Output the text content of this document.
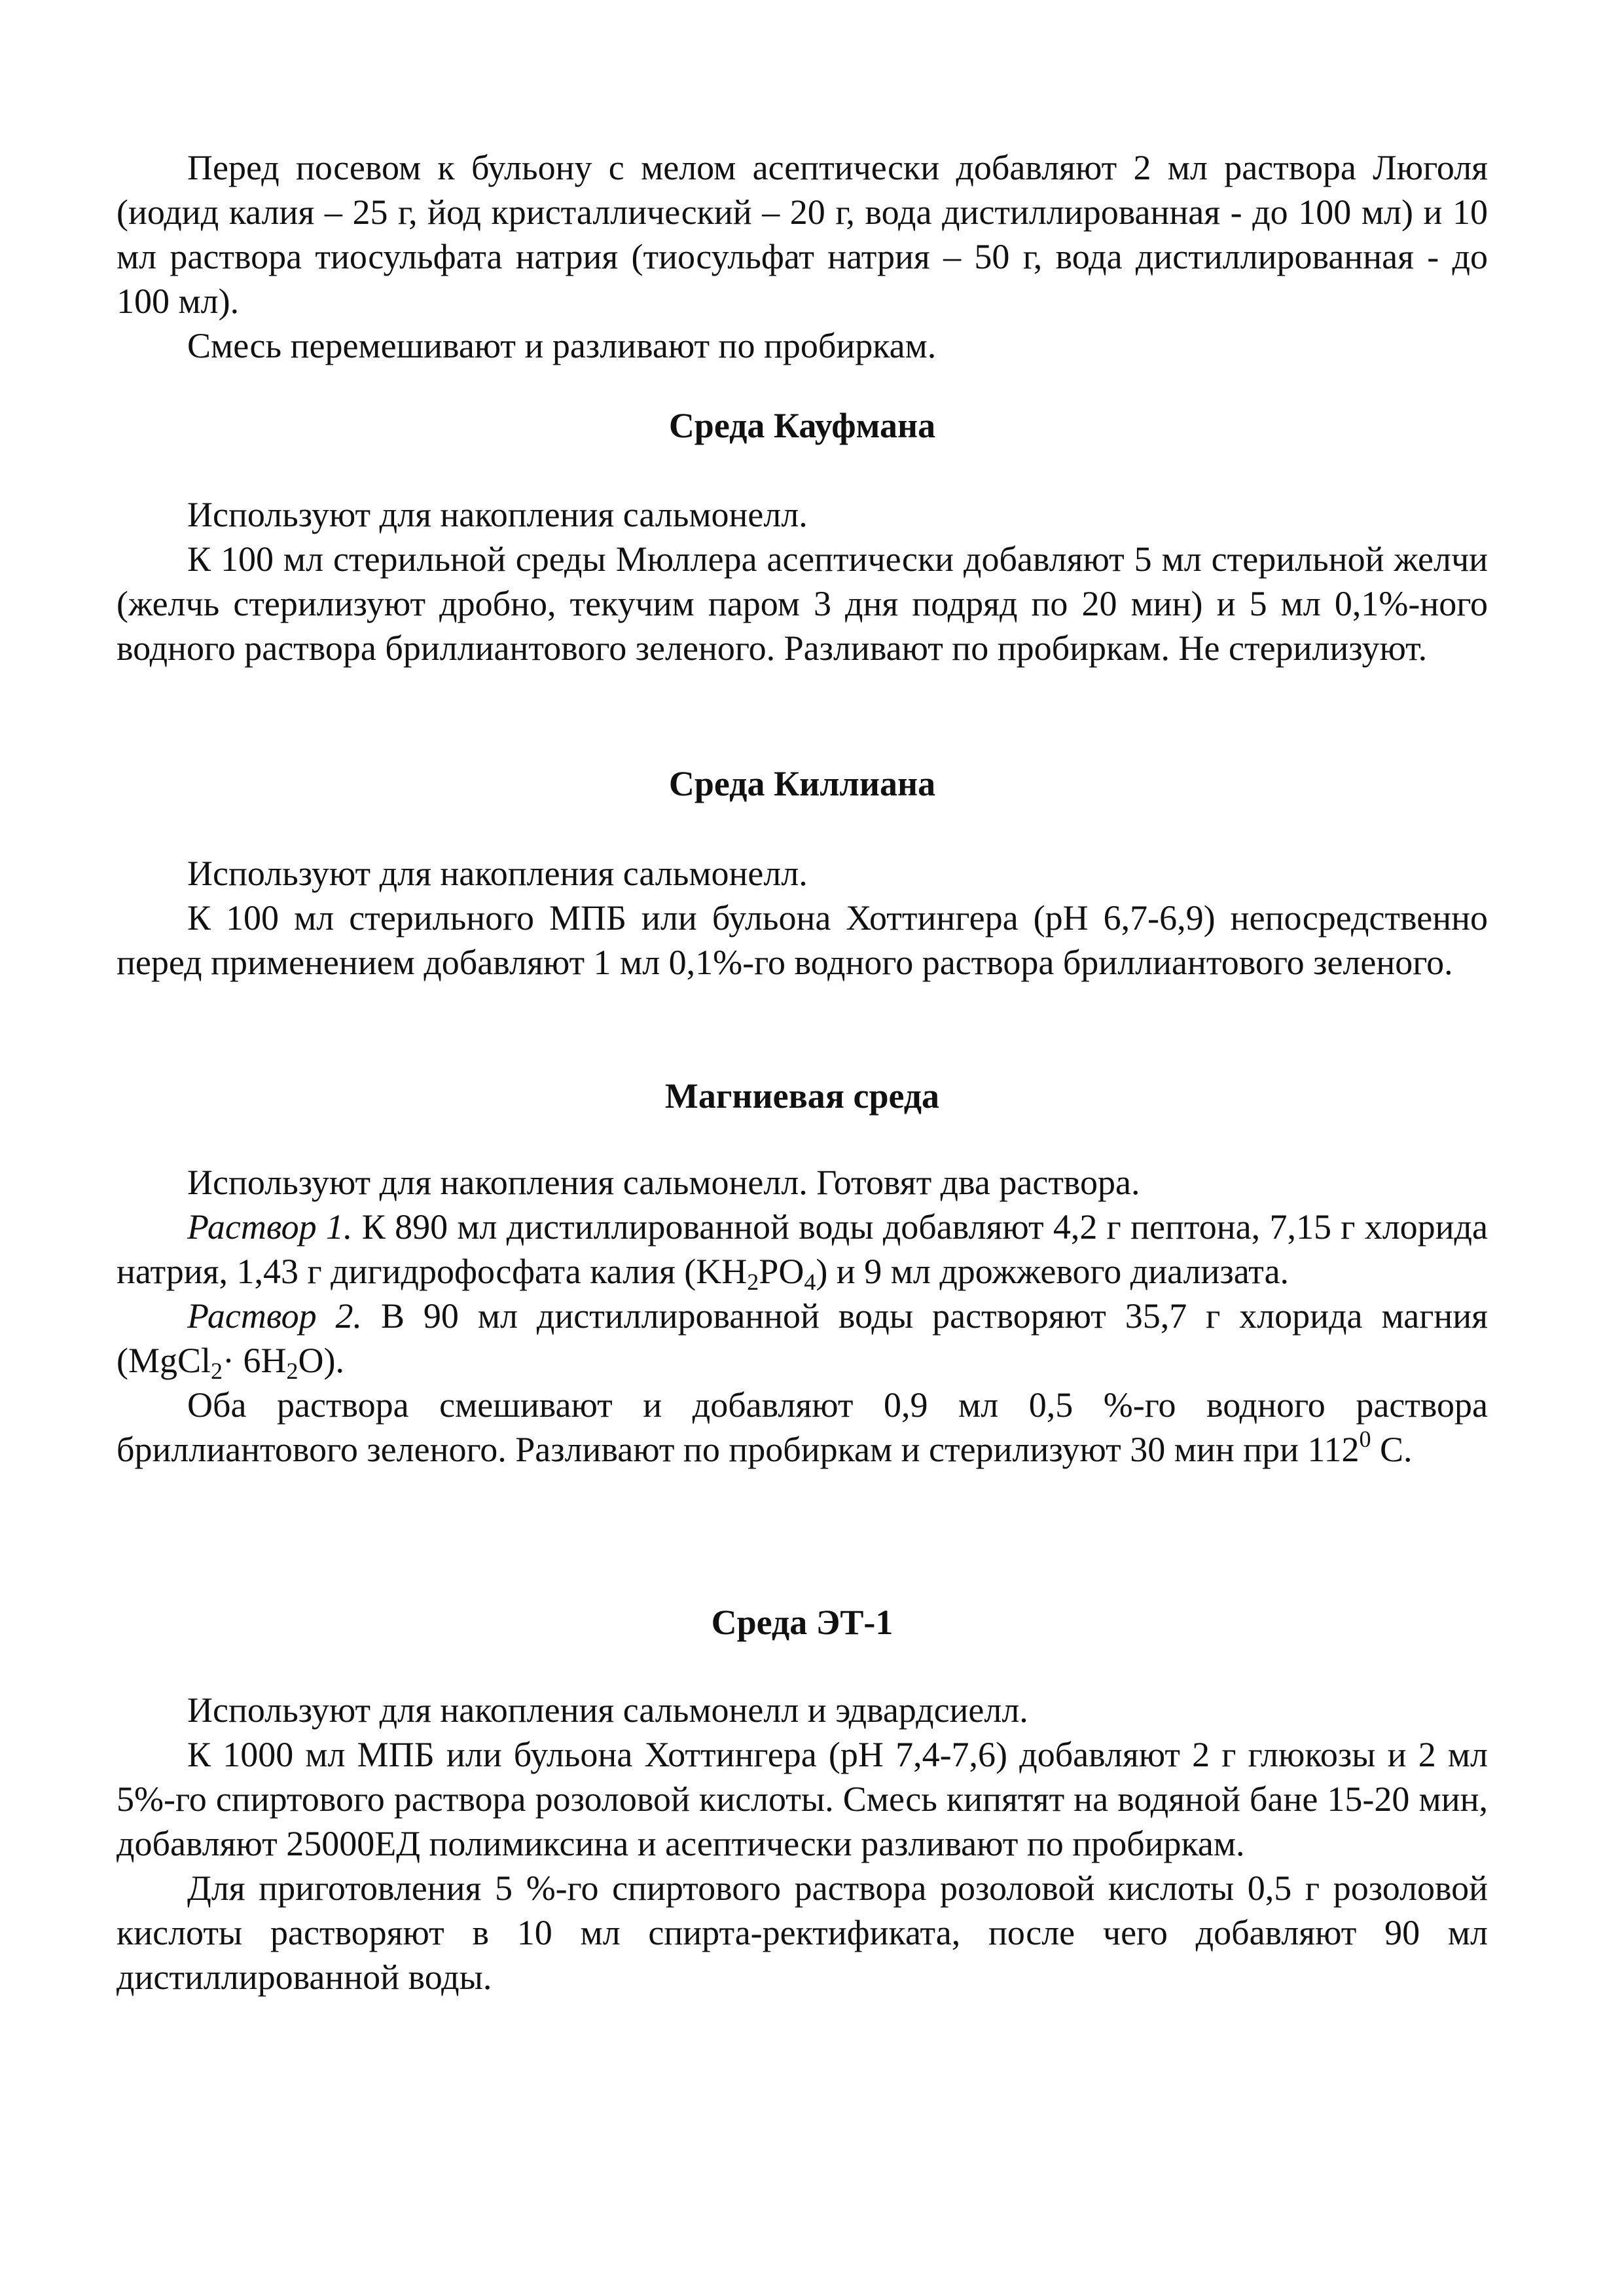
Перед посевом к бульону с мелом асептически добавляют 2 мл раствора Люголя (иодид калия – 25 г, йод кристаллический – 20 г, вода дистиллированная - до 100 мл) и 10 мл раствора тиосульфата натрия (тиосульфат натрия – 50 г, вода дистиллированная - до 100 мл).

Смесь перемешивают и разливают по пробиркам.

Среда Кауфмана

Используют для накопления сальмонелл.

К 100 мл стерильной среды Мюллера асептически добавляют 5 мл стерильной желчи (желчь стерилизуют дробно, текучим паром 3 дня подряд по 20 мин) и 5 мл 0,1%-ного водного раствора бриллиантового зеленого. Разливают по пробиркам. Не стерилизуют.

Среда Киллиана

Используют для накопления сальмонелл.

К 100 мл стерильного МПБ или бульона Хоттингера (pH 6,7-6,9) непосредственно перед применением добавляют 1 мл 0,1%-го водного раствора бриллиантового зеленого.

Магниевая среда

Используют для накопления сальмонелл. Готовят два раствора.

Раствор 1. К 890 мл дистиллированной воды добавляют 4,2 г пептона, 7,15 г хлорида натрия, 1,43 г дигидрофосфата калия $(KH_2PO_4)$ и 9 мл дрожжевого диализата.

Раствор 2. В 90 мл дистиллированной воды растворяют 35,7 г хлорида магния (MgCl$_2$· $6H_2O$).

Оба раствора смешивают и добавляют 0,9 мл 0,5 %-го водного раствора бриллиантового зеленого. Разливают по пробиркам и стерилизуют 30 мин при $112^0$ С.

Среда ЭТ-1

Используют для накопления сальмонелл и эдвардсиелл.

К 1000 мл МПБ или бульона Хоттингера (pH 7,4-7,6) добавляют 2 г глюкозы и 2 мл 5%-го спиртового раствора розоловой кислоты. Смесь кипятят на водяной бане 15-20 мин, добавляют 25000ЕД полимиксина и асептически разливают по пробиркам.

Для приготовления 5 %-го спиртового раствора розоловой кислоты 0,5 г розоловой кислоты растворяют в 10 мл спирта-ректификата, после чего добавляют 90 мл дистиллированной воды.
